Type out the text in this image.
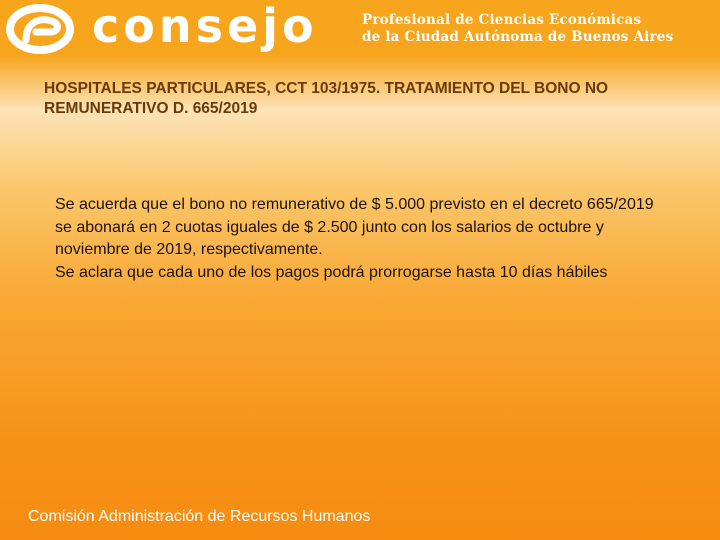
consejo	Profesional de Ciencias Económicas
de la Ciudad Autónoma de Buenos Aires
HOSPITALES PARTICULARES, CCT 103/1975. TRATAMIENTO DEL BONO NO REMUNERATIVO D. 665/2019

Se acuerda que el bono no remunerativo de $ 5.000 previsto en el decreto 665/2019 se abonará en 2 cuotas iguales de $ 2.500 junto con los salarios de octubre y noviembre de 2019, respectivamente.

Se aclara que cada uno de los pagos podrá prorrogarse hasta 10 días hábiles

Comisión Administración de Recursos Humanos
